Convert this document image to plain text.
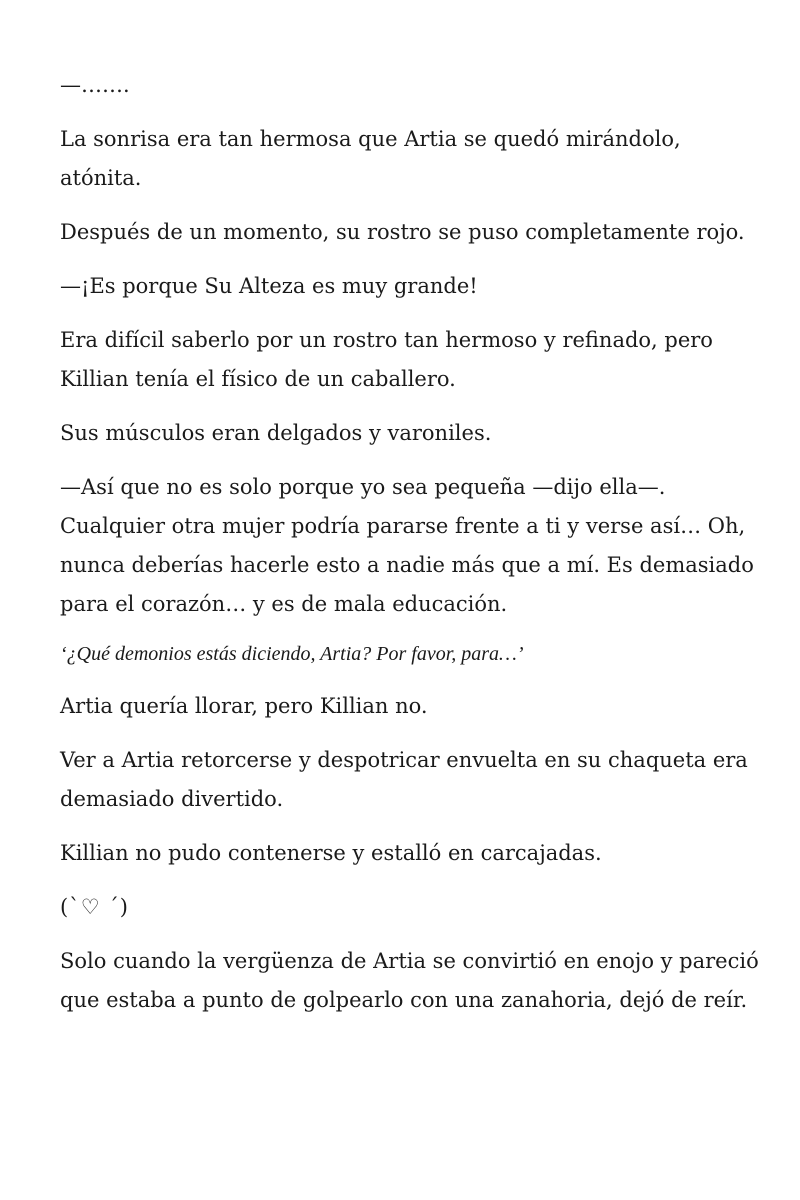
—…….

La sonrisa era tan hermosa que Artia se quedó mirándolo, atónita.

Después de un momento, su rostro se puso completamente rojo.

—¡Es porque Su Alteza es muy grande!

Era difícil saberlo por un rostro tan hermoso y refinado, pero Killian tenía el físico de un caballero.

Sus músculos eran delgados y varoniles.

—Así que no es solo porque yo sea pequeña —dijo ella—. Cualquier otra mujer podría pararse frente a ti y verse así… Oh, nunca deberías hacerle esto a nadie más que a mí. Es demasiado para el corazón… y es de mala educación.

‘¿Qué demonios estás diciendo, Artia? Por favor, para…’

Artia quería llorar, pero Killian no.

Ver a Artia retorcerse y despotricar envuelta en su chaqueta era demasiado divertido.

Killian no pudo contenerse y estalló en carcajadas.

(`♡ ´)

Solo cuando la vergüenza de Artia se convirtió en enojo y pareció que estaba a punto de golpearlo con una zanahoria, dejó de reír.
